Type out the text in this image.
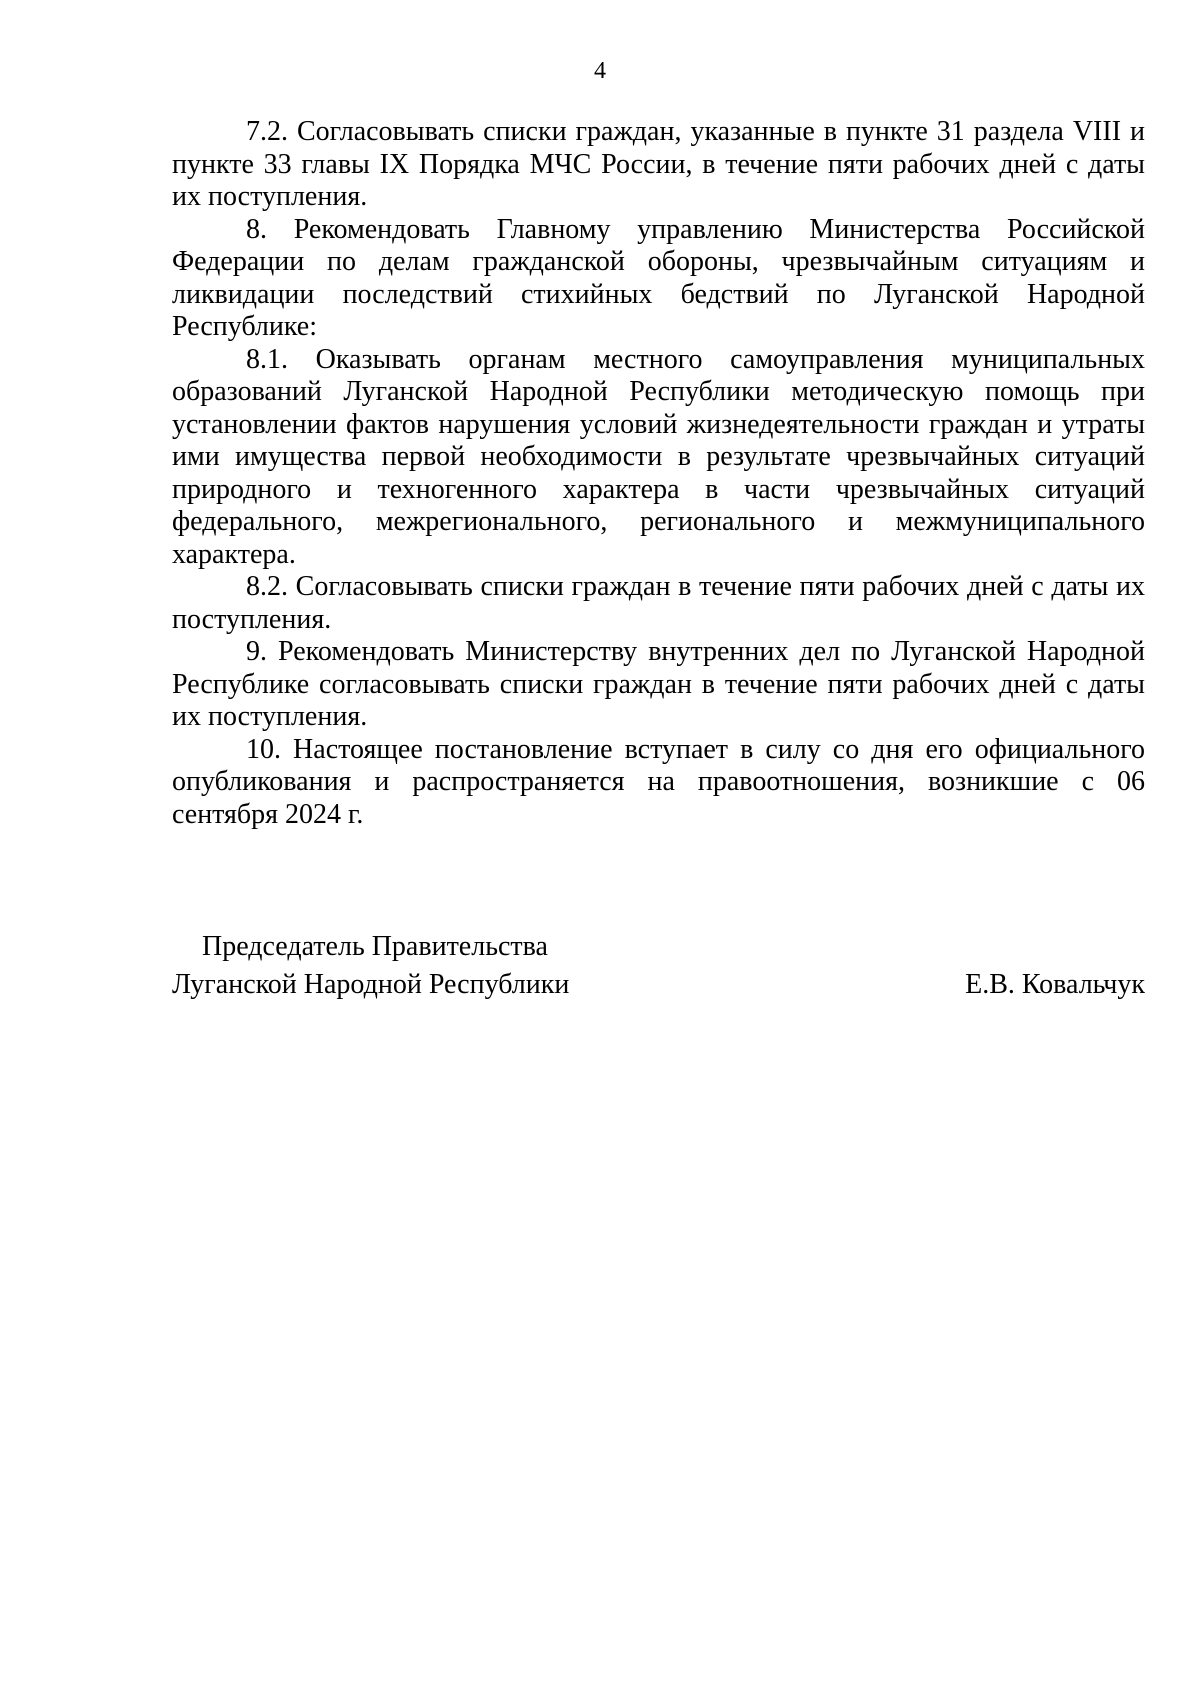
4

7.2. Согласовывать списки граждан, указанные в пункте 31 раздела VIII и пункте 33 главы IX Порядка МЧС России, в течение пяти рабочих дней с даты их поступления.

8. Рекомендовать Главному управлению Министерства Российской Федерации по делам гражданской обороны, чрезвычайным ситуациям и ликвидации последствий стихийных бедствий по Луганской Народной Республике:

8.1. Оказывать органам местного самоуправления муниципальных образований Луганской Народной Республики методическую помощь при установлении фактов нарушения условий жизнедеятельности граждан и утраты ими имущества первой необходимости в результате чрезвычайных ситуаций природного и техногенного характера в части чрезвычайных ситуаций федерального, межрегионального, регионального и межмуниципального характера.

8.2. Согласовывать списки граждан в течение пяти рабочих дней с даты их поступления.

9. Рекомендовать Министерству внутренних дел по Луганской Народной Республике согласовывать списки граждан в течение пяти рабочих дней с даты их поступления.

10. Настоящее постановление вступает в силу со дня его официального опубликования и распространяется на правоотношения, возникшие с 06 сентября 2024 г.

Председатель Правительства
Луганской Народной Республики	Е.В. Ковальчук
